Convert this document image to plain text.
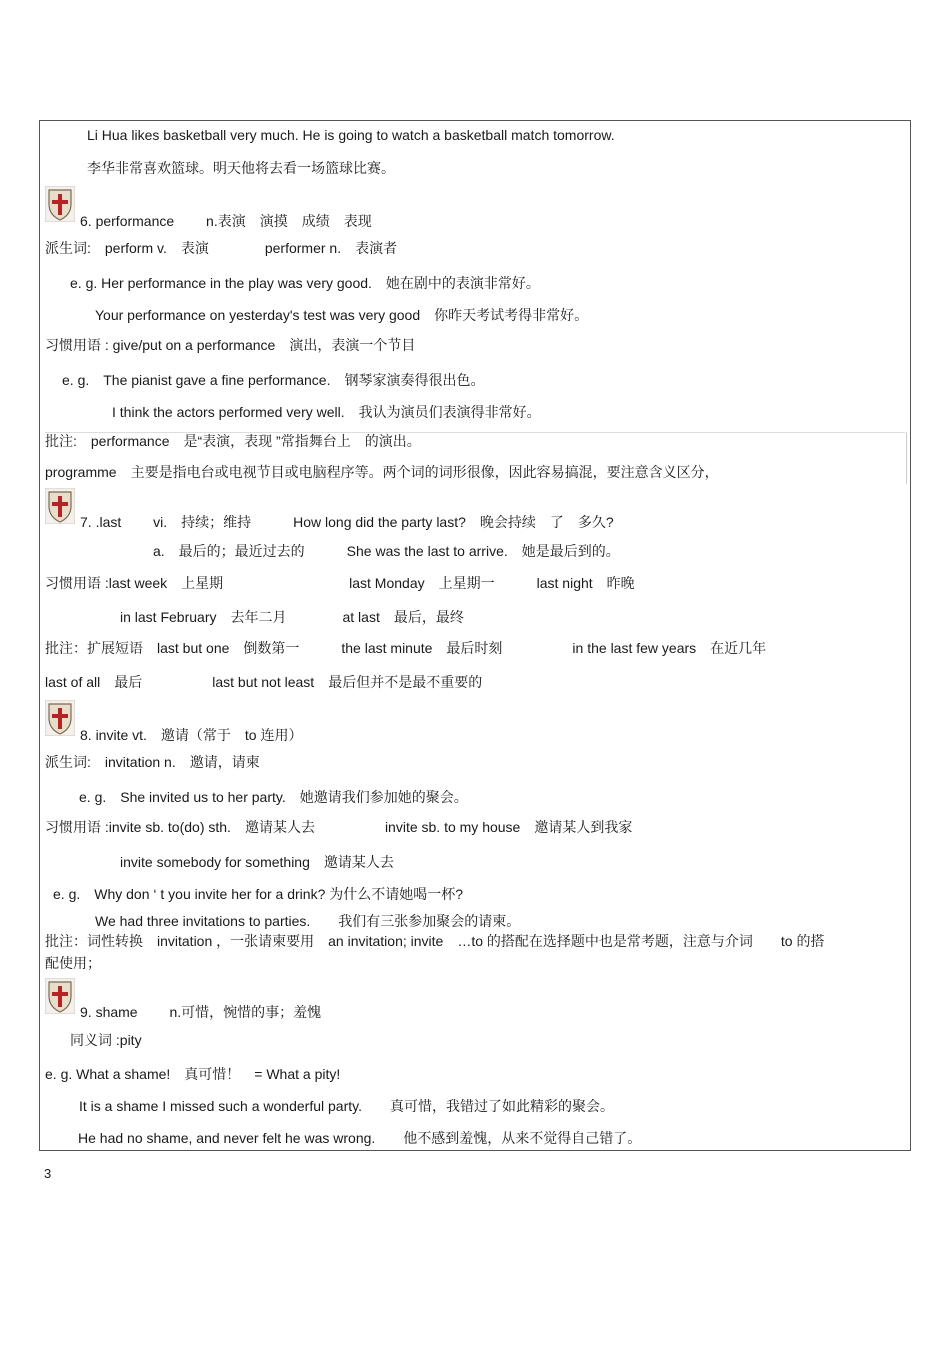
Li Hua likes basketball very much. He is going to watch a basketball match tomorrow.
李华非常喜欢篮球。明天他将去看一场篮球比赛。
6. performance　　 n.表演　演摸　成绩　表现
派生词:　perform v.　表演　　　　performer n.　表演者
e. g. Her performance in the play was very good.　她在剧中的表演非常好。
Your performance on yesterday's test was very good　你昨天考试考得非常好。
习惯用语 : give/put on a performance　演出，表演一个节目
e. g.　The pianist gave a fine performance.　钢琴家演奏得很出色。
I think the actors performed very well.　我认为演员们表演得非常好。
批注:　performance　是“表演，表现 ”常指舞台上　的演出。
programme　主要是指电台或电视节目或电脑程序等。两个词的词形很像，因此容易搞混，要注意含义区分，
7. .last　　 vi.　持续；维持　　　How long did the party last?　晚会持续　了　多久?
a.　最后的；最近过去的　　　She was the last to arrive.　她是最后到的。
习惯用语 :last week　上星期　　　　　　　　　last Monday　上星期一　　　last night　昨晚
in last February　去年二月　　　　at last　最后，最终
批注：扩展短语　last but one　倒数第一　　　the last minute　最后时刻　　　　　in the last few years　在近几年
last of all　最后　　　　　last but not least　最后但并不是最不重要的
8. invite vt.　邀请（常于　to 连用）
派生词:　invitation n.　邀请，请柬
e. g.　She invited us to her party.　她邀请我们参加她的聚会。
习惯用语 :invite sb. to(do) sth.　邀请某人去　　　　　invite sb. to my house　邀请某人到我家
invite somebody for something　邀请某人去
e. g.　Why don ‘ t you invite her for a drink? 为什么不请她喝一杯?
We had three invitations to parties.　　我们有三张参加聚会的请柬。
批注：词性转换　invitation ，一张请柬要用　an invitation; invite　…to 的搭配在选择题中也是常考题，注意与介词　　to 的搭
配使用；
9. shame　　 n.可惜，惋惜的事；羞愧
同义词 :pity
e. g. What a shame!　真可惜！　= What a pity!
It is a shame I missed such a wonderful party.　　真可惜，我错过了如此精彩的聚会。
He had no shame, and never felt he was wrong.　　他不感到羞愧，从来不觉得自己错了。
3
